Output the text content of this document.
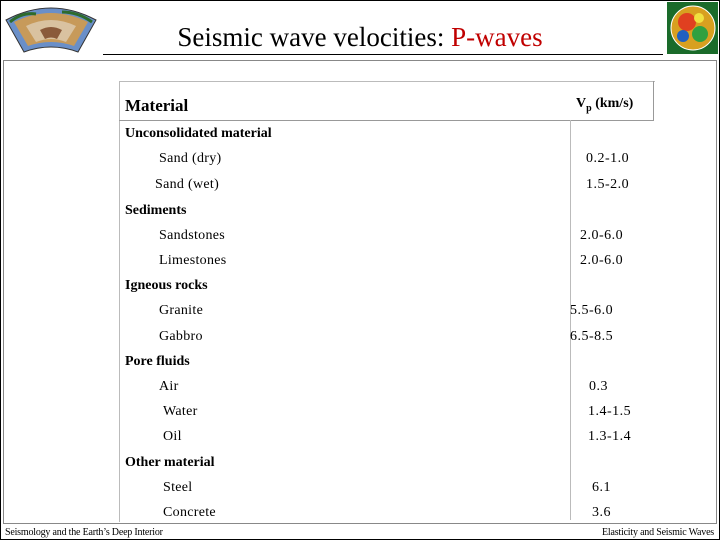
Seismic wave velocities: P-waves
Material	$V_p$ (km/s)
Unconsolidated material
Sand (dry)	0.2-1.0
Sand (wet)	1.5-2.0
Sediments
Sandstones	2.0-6.0
Limestones	2.0-6.0
Igneous rocks
Granite	5.5-6.0
Gabbro	6.5-8.5
Pore fluids
Air	0.3
Water	1.4-1.5
Oil	1.3-1.4
Other material
Steel	6.1
Concrete	3.6
Seismology and the Earth’s Deep Interior	Elasticity and Seismic Waves
